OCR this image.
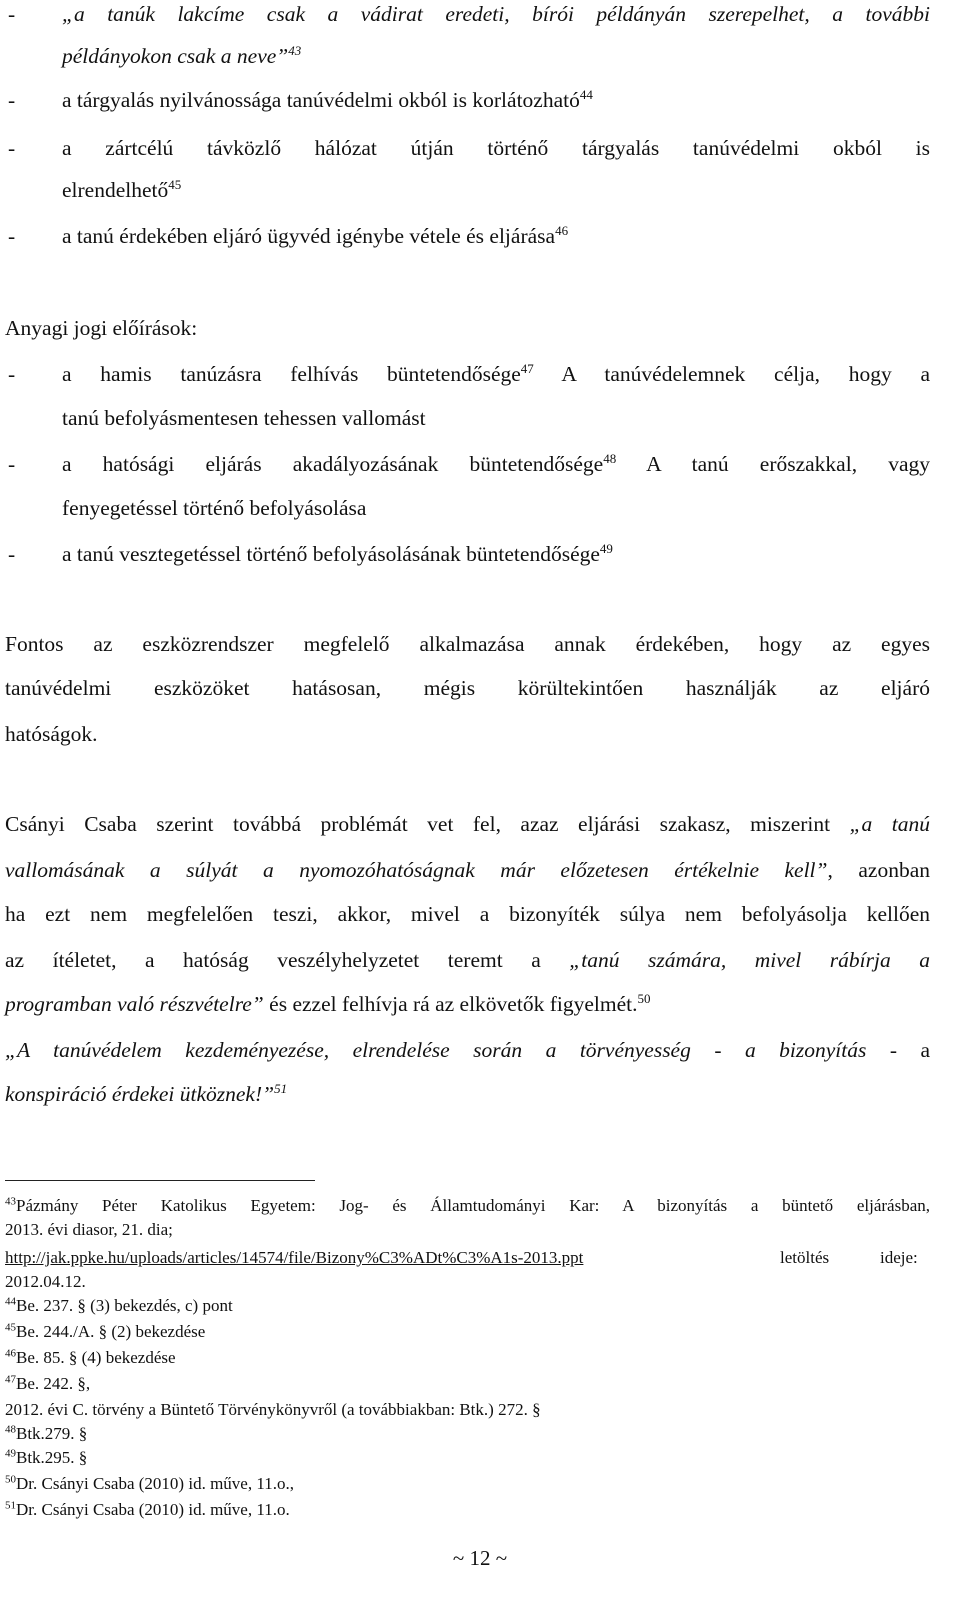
- „a tanúk lakcíme csak a vádirat eredeti, bírói példányán szerepelhet, a további
példányokon csak a neve”$^{43}$
- a tárgyalás nyilvánossága tanúvédelmi okból is korlátozható$^{44}$
- a zártcélú távközlő hálózat útján történő tárgyalás tanúvédelmi okból is
elrendelhető$^{45}$
- a tanú érdekében eljáró ügyvéd igénybe vétele és eljárása$^{46}$
Anyagi jogi előírások:
- a hamis tanúzásra felhívás büntetendősége$^{47}$ A tanúvédelemnek célja, hogy a
tanú befolyásmentesen tehessen vallomást
- a hatósági eljárás akadályozásának büntetendősége$^{48}$ A tanú erőszakkal, vagy
fenyegetéssel történő befolyásolása
- a tanú vesztegetéssel történő befolyásolásának büntetendősége$^{49}$
Fontos az eszközrendszer megfelelő alkalmazása annak érdekében, hogy az egyes
tanúvédelmi eszközöket hatásosan, mégis körültekintően használják az eljáró
hatóságok.
Csányi Csaba szerint továbbá problémát vet fel, azaz eljárási szakasz, miszerint „a tanú
vallomásának a súlyát a nyomozóhatóságnak már előzetesen értékelnie kell”, azonban
ha ezt nem megfelelően teszi, akkor, mivel a bizonyíték súlya nem befolyásolja kellően
az ítéletet, a hatóság veszélyhelyzetet teremt a „tanú számára, mivel rábírja a
programban való részvételre” és ezzel felhívja rá az elkövetők figyelmét.$^{50}$
„A tanúvédelem kezdeményezése, elrendelése során a törvényesség - a bizonyítás - a
konspiráció érdekei ütköznek!”$^{51}$
$^{43}$Pázmány Péter Katolikus Egyetem: Jog- és Államtudományi Kar: A bizonyítás a büntető eljárásban,
2013. évi diasor, 21. dia;
http://jak.ppke.hu/uploads/articles/14574/file/Bizony%C3%ADt%C3%A1s-2013.ppt	letöltés	ideje:
2012.04.12.
$^{44}$Be. 237. § (3) bekezdés, c) pont
$^{45}$Be. 244./A. § (2) bekezdése
$^{46}$Be. 85. § (4) bekezdése
$^{47}$Be. 242. §,
2012. évi C. törvény a Büntető Törvénykönyvről (a továbbiakban: Btk.) 272. §
$^{48}$Btk.279. §
$^{49}$Btk.295. §
$^{50}$Dr. Csányi Csaba (2010) id. műve, 11.o.,
$^{51}$Dr. Csányi Csaba (2010) id. műve, 11.o.
~ 12 ~
